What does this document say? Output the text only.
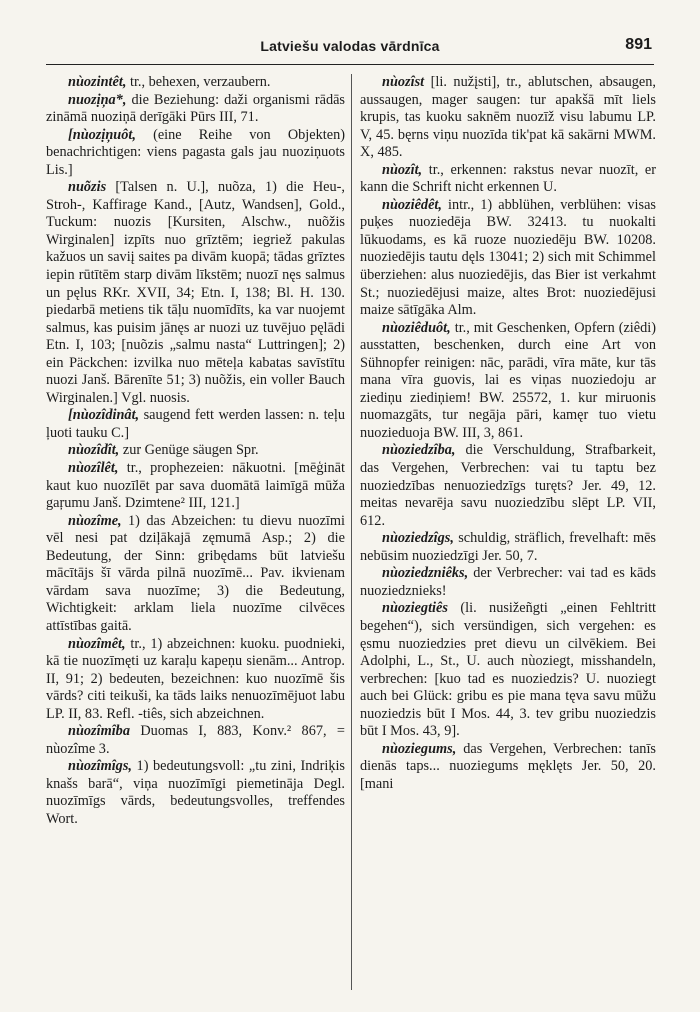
Latviešu valodas vārdnīca	891

nùozintêt, tr., behexen, verzaubern.

nuozịņa*, die Beziehung: daži organismi rādās zināmā nuoziņā derīgāki Pūrs III, 71.

[nùozịņuôt, (eine Reihe von Objekten) benachrichtigen: viens pagasta gals jau nuoziņuots Lis.]

nuõzis [Talsen n. U.], nuõza, 1) die Heu-, Stroh-, Kaffirage Kand., [Autz, Wandsen], Gold., Tuckum: nuozis [Kursiten, Alschw., nuõžis Wirginalen] izpīts nuo grīztēm; iegriež pakulas kažuos un saviį saites pa divām kuopā; tādas grīztes iepin rūtītēm starp divām līkstēm; nuozī nęs salmus un pęlus RKr. XVII, 34; Etn. I, 138; Bl. H. 130. piedarbā metiens tik tāļu nuomīdīts, ka var nuojemt salmus, kas puisim jānęs ar nuozi uz tuvējuo pęlādi Etn. I, 103; [nuõzis „salmu nasta“ Luttringen]; 2) ein Päckchen: izvilka nuo mēteļa kabatas savīstītu nuozi Janš. Bārenīte 51; 3) nuõžis, ein voller Bauch Wirginalen.] Vgl. nuosis.

[nùozîdinât, saugend fett werden lassen: n. teļu ļuoti tauku C.]

nùozîdît, zur Genüge säugen Spr.

nùozîlêt, tr., prophezeien: nākuotni. [mēģināt kaut kuo nuozīlēt par sava duomātā laimīgā mūža gaŗumu Janš. Dzimtene² III, 121.]

nùozîme, 1) das Abzeichen: tu dievu nuozīmi vēl nesi pat dziļākajā zęmumā Asp.; 2) die Bedeutung, der Sinn: gribędams būt latviešu mācītājs šī vārda pilnā nuozīmē... Pav. ikvienam vārdam sava nuozīme; 3) die Bedeutung, Wichtigkeit: arklam liela nuozīme cilvēces attīstības gaitā.

nùozîmêt, tr., 1) abzeichnen: kuoku. puodnieki, kā tie nuozīmęti uz karaļu kapeņu sienām... Antrop. II, 91; 2) bedeuten, bezeichnen: kuo nuozīmē šis vārds? citi teikuši, ka tāds laiks nenuozīmējuot labu LP. II, 83. Refl. -tiês, sich abzeichnen.

nùozîmîba Duomas I, 883, Konv.² 867, = nùozîme 3.

nùozîmîgs, 1) bedeutungsvoll: „tu zini, Indriķis knašs barā“, viņa nuozīmīgi piemetināja Degl. nuozīmīgs vārds, bedeutungsvolles, treffendes Wort.

nùozîst [li. nužįsti], tr., ablutschen, absaugen, aussaugen, mager saugen: tur apakšā mīt liels krupis, tas kuoku saknēm nuozīž visu labumu LP. V, 45. bęrns viņu nuozīda tik'pat kā sakārni MWM. X, 485.

nùozît, tr., erkennen: rakstus nevar nuozīt, er kann die Schrift nicht erkennen U.

nùoziêdêt, intr., 1) abblühen, verblühen: visas puķes nuoziedēja BW. 32413. tu nuokalti lūkuodams, es kā ruoze nuoziedēju BW. 10208. nuoziedējis tautu dęls 13041; 2) sich mit Schimmel überziehen: alus nuoziedējis, das Bier ist verkahmt St.; nuoziedējusi maize, altes Brot: nuoziedējusi maize sātīgāka Alm.

nùoziêduôt, tr., mit Geschenken, Opfern (ziêdi) ausstatten, beschenken, durch eine Art von Sühnopfer reinigen: nāc, parādi, vīra māte, kur tās mana vīra guovis, lai es viņas nuoziedoju ar ziediņu ziediņiem! BW. 25572, 1. kur miruonis nuomazgāts, tur negāja pāri, kamęr tuo vietu nuozieduoja BW. III, 3, 861.

nùoziedzîba, die Verschuldung, Strafbarkeit, das Vergehen, Verbrechen: vai tu taptu bez nuoziedzības nenuoziedzīgs turęts? Jer. 49, 12. meitas nevarēja savu nuoziedzību slēpt LP. VII, 612.

nùoziedzîgs, schuldig, sträflich, frevelhaft: mēs nebūsim nuoziedzīgi Jer. 50, 7.

nùoziedzniêks, der Verbrecher: vai tad es kāds nuoziedznieks!

nùoziegtiês (li. nusižeñgti „einen Fehltritt begehen“), sich versündigen, sich vergehen: es ęsmu nuoziedzies pret dievu un cilvēkiem. Bei Adolphi, L., St., U. auch nùoziegt, misshandeln, verbrechen: [kuo tad es nuoziedzis? U. nuoziegt auch bei Glück: gribu es pie mana tęva savu mūžu nuoziedzis būt I Mos. 44, 3. tev gribu nuoziedzis būt I Mos. 43, 9].

nùoziegums, das Vergehen, Verbrechen: tanīs dienās taps... nuoziegums męklęts Jer. 50, 20. [mani
